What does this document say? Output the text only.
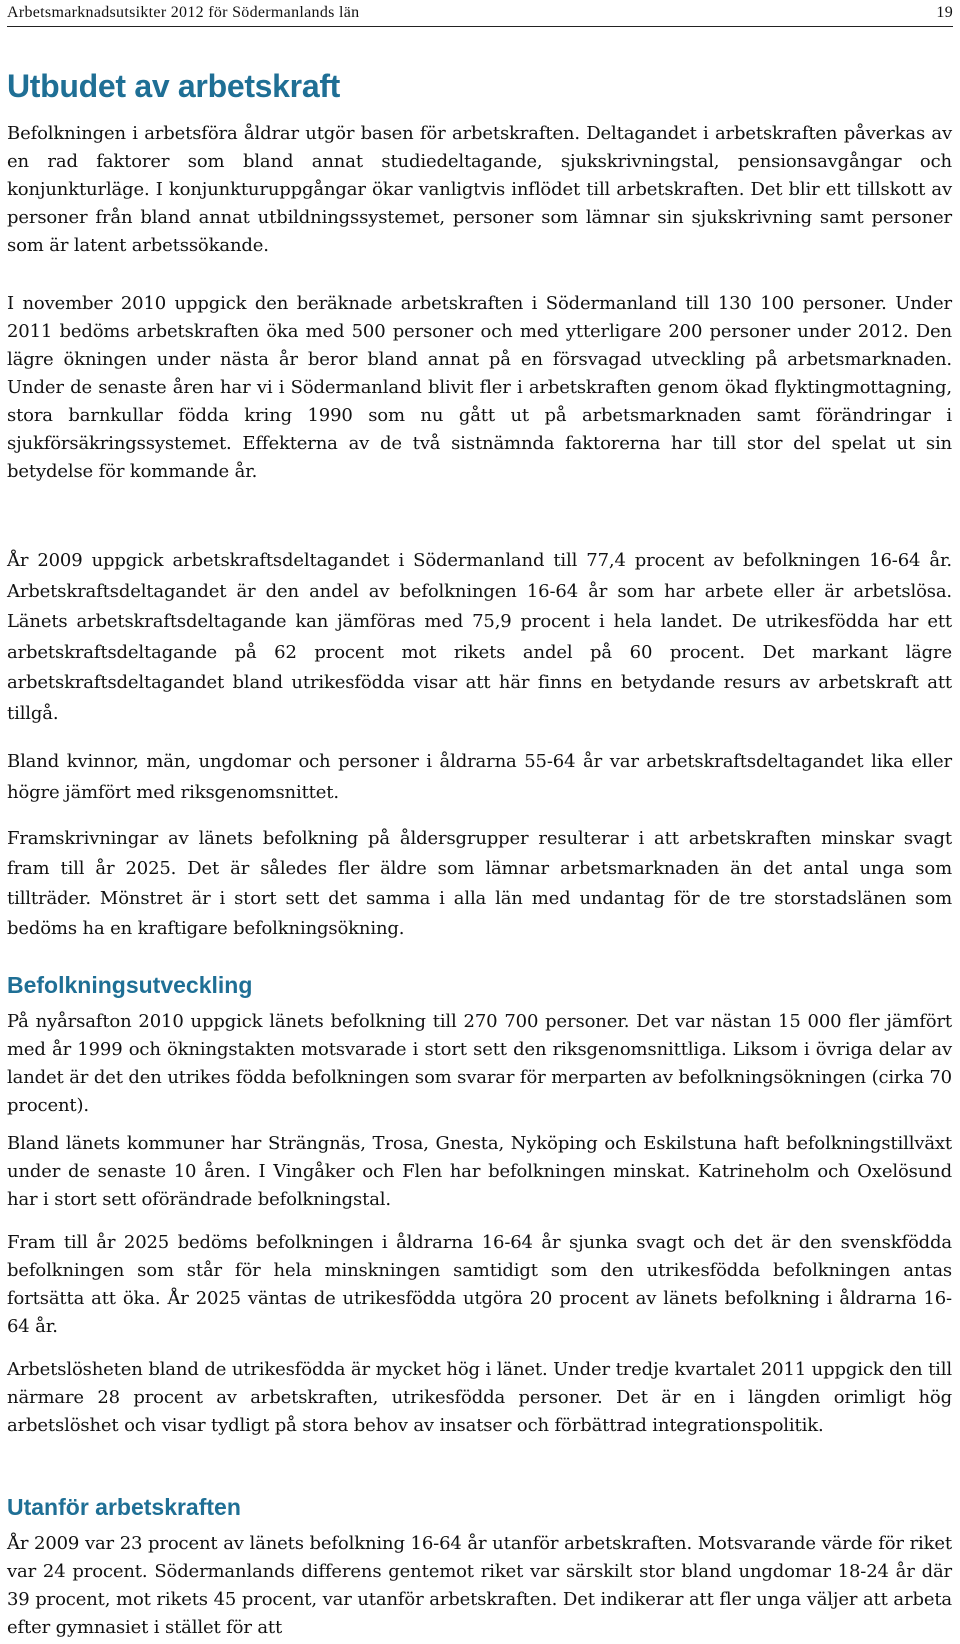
Arbetsmarknadsutsikter 2012 för Södermanlands län	19
Utbudet av arbetskraft

Befolkningen i arbetsföra åldrar utgör basen för arbetskraften. Deltagandet i arbetskraften påverkas av en rad faktorer som bland annat studiedeltagande, sjukskrivningstal, pensionsavgångar och konjunkturläge. I konjunkturuppgångar ökar vanligtvis inflödet till arbetskraften. Det blir ett tillskott av personer från bland annat utbildningssystemet, personer som lämnar sin sjukskrivning samt personer som är latent arbetssökande.

I november 2010 uppgick den beräknade arbetskraften i Södermanland till 130 100 personer. Under 2011 bedöms arbetskraften öka med 500 personer och med ytterligare 200 personer under 2012. Den lägre ökningen under nästa år beror bland annat på en försvagad utveckling på arbetsmarknaden. Under de senaste åren har vi i Södermanland blivit fler i arbetskraften genom ökad flyktingmottagning, stora barnkullar födda kring 1990 som nu gått ut på arbetsmarknaden samt förändringar i sjukförsäkringssystemet. Effekterna av de två sistnämnda faktorerna har till stor del spelat ut sin betydelse för kommande år.

År 2009 uppgick arbetskraftsdeltagandet i Södermanland till 77,4 procent av befolkningen 16-64 år. Arbetskraftsdeltagandet är den andel av befolkningen 16-64 år som har arbete eller är arbetslösa. Länets arbetskraftsdeltagande kan jämföras med 75,9 procent i hela landet. De utrikesfödda har ett arbetskraftsdeltagande på 62 procent mot rikets andel på 60 procent. Det markant lägre arbetskraftsdeltagandet bland utrikesfödda visar att här finns en betydande resurs av arbetskraft att tillgå.

Bland kvinnor, män, ungdomar och personer i åldrarna 55-64 år var arbetskraftsdeltagandet lika eller högre jämfört med riksgenomsnittet.

Framskrivningar av länets befolkning på åldersgrupper resulterar i att arbetskraften minskar svagt fram till år 2025. Det är således fler äldre som lämnar arbetsmarknaden än det antal unga som tillträder. Mönstret är i stort sett det samma i alla län med undantag för de tre storstadslänen som bedöms ha en kraftigare befolkningsökning.

Befolkningsutveckling

På nyårsafton 2010 uppgick länets befolkning till 270 700 personer. Det var nästan 15 000 fler jämfört med år 1999 och ökningstakten motsvarade i stort sett den riksgenomsnittliga. Liksom i övriga delar av landet är det den utrikes födda befolkningen som svarar för merparten av befolkningsökningen (cirka 70 procent).

Bland länets kommuner har Strängnäs, Trosa, Gnesta, Nyköping och Eskilstuna haft befolkningstillväxt under de senaste 10 åren. I Vingåker och Flen har befolkningen minskat. Katrineholm och Oxelösund har i stort sett oförändrade befolkningstal.

Fram till år 2025 bedöms befolkningen i åldrarna 16-64 år sjunka svagt och det är den svenskfödda befolkningen som står för hela minskningen samtidigt som den utrikesfödda befolkningen antas fortsätta att öka. År 2025 väntas de utrikesfödda utgöra 20 procent av länets befolkning i åldrarna 16-64 år.

Arbetslösheten bland de utrikesfödda är mycket hög i länet. Under tredje kvartalet 2011 uppgick den till närmare 28 procent av arbetskraften, utrikesfödda personer. Det är en i längden orimligt hög arbetslöshet och visar tydligt på stora behov av insatser och förbättrad integrationspolitik.

Utanför arbetskraften

År 2009 var 23 procent av länets befolkning 16-64 år utanför arbetskraften. Motsvarande värde för riket var 24 procent. Södermanlands differens gentemot riket var särskilt stor bland ungdomar 18-24 år där 39 procent, mot rikets 45 procent, var utanför arbetskraften. Det indikerar att fler unga väljer att arbeta efter gymnasiet i stället för att
